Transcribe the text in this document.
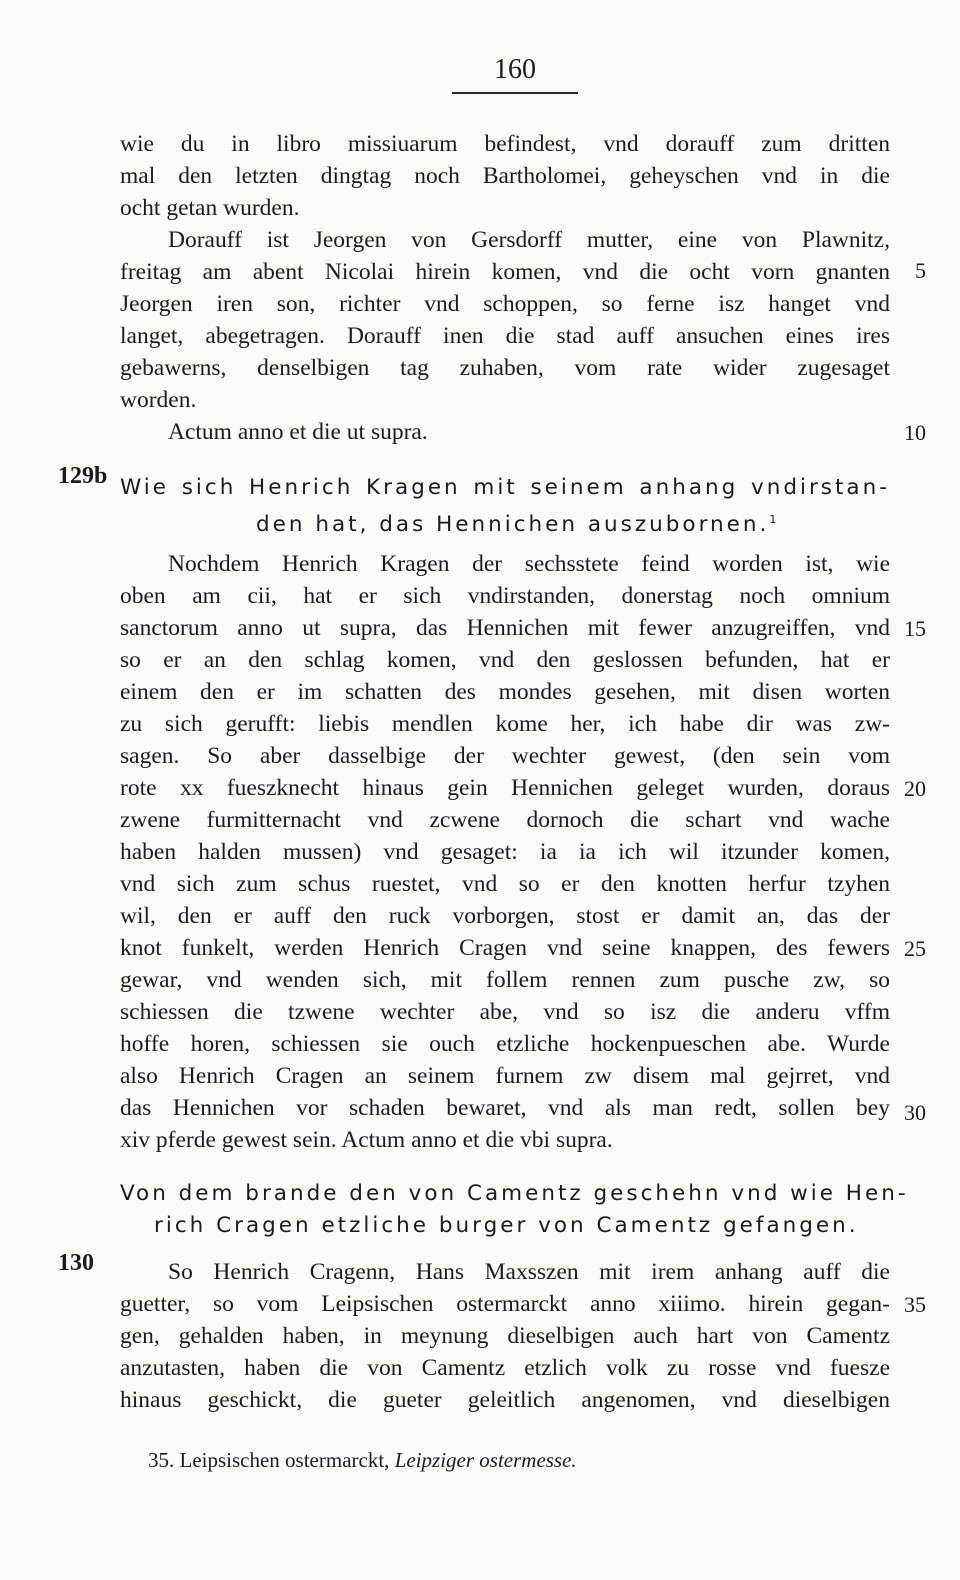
160
wie du in libro missiuarum befindest, vnd dorauff zum dritten
mal den letzten dingtag noch Bartholomei, geheyschen vnd in die
ocht getan wurden.
Dorauff ist Jeorgen von Gersdorff mutter, eine von Plawnitz,
freitag am abent Nicolai hirein komen, vnd die ocht vorn gnanten
Jeorgen iren son, richter vnd schoppen, so ferne isz hanget vnd
langet, abegetragen. Dorauff inen die stad auff ansuchen eines ires
gebawerns, denselbigen tag zuhaben, vom rate wider zugesaget
worden.
Actum anno et die ut supra.
129b Wie sich Henrich Kragen mit seinem anhang vndirstan-
den hat, das Hennichen auszubornen.$^1$
Nochdem Henrich Kragen der sechsstete feind worden ist, wie
oben am cii, hat er sich vndirstanden, donerstag noch omnium
sanctorum anno ut supra, das Hennichen mit fewer anzugreiffen, vnd
so er an den schlag komen, vnd den geslossen befunden, hat er
einem den er im schatten des mondes gesehen, mit disen worten
zu sich gerufft: liebis mendlen kome her, ich habe dir was zw-
sagen. So aber dasselbige der wechter gewest, (den sein vom
rote xx fueszknecht hinaus gein Hennichen geleget wurden, doraus
zwene furmitternacht vnd zcwene dornoch die schart vnd wache
haben halden mussen) vnd gesaget: ia ia ich wil itzunder komen,
vnd sich zum schus ruestet, vnd so er den knotten herfur tzyhen
wil, den er auff den ruck vorborgen, stost er damit an, das der
knot funkelt, werden Henrich Cragen vnd seine knappen, des fewers
gewar, vnd wenden sich, mit follem rennen zum pusche zw, so
schiessen die tzwene wechter abe, vnd so isz die anderu vffm
hoffe horen, schiessen sie ouch etzliche hockenpueschen abe. Wurde
also Henrich Cragen an seinem furnem zw disem mal gejrret, vnd
das Hennichen vor schaden bewaret, vnd als man redt, sollen bey
xiv pferde gewest sein. Actum anno et die vbi supra.
Von dem brande den von Camentz geschehn vnd wie Hen-
rich Cragen etzliche burger von Camentz gefangen.
130	So Henrich Cragenn, Hans Maxsszen mit irem anhang auff die
guetter, so vom Leipsischen ostermarckt anno xiiimo. hirein gegan-
gen, gehalden haben, in meynung dieselbigen auch hart von Camentz
anzutasten, haben die von Camentz etzlich volk zu rosse vnd fuesze
hinaus geschickt, die gueter geleitlich angenomen, vnd dieselbigen
5
10
15
20
25
30
35
35. Leipsischen ostermarckt, Leipziger ostermesse.
